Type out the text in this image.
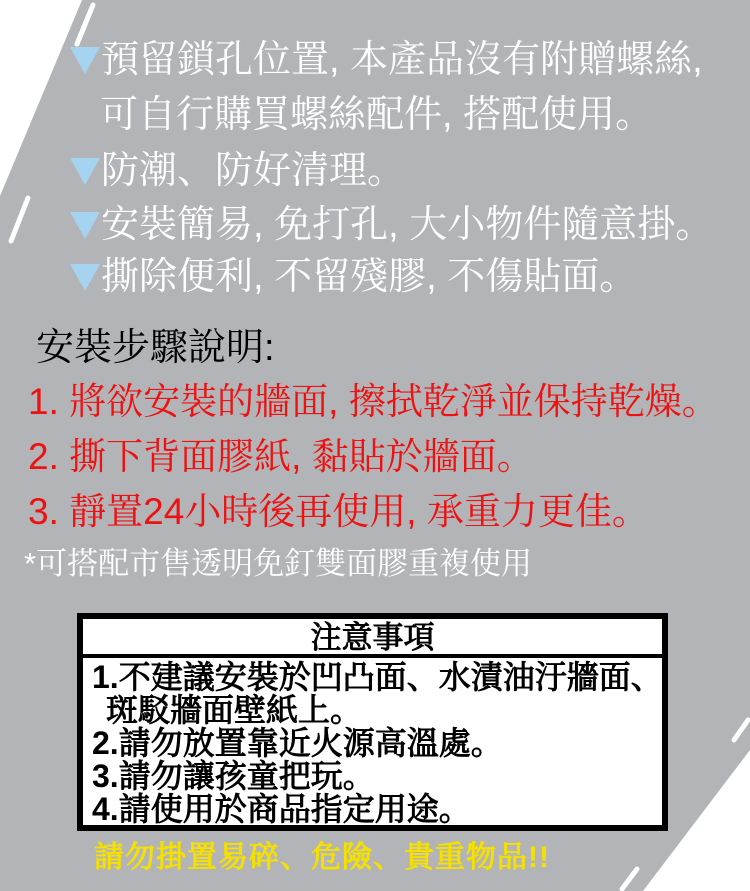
預留鎖孔位置, 本產品沒有附贈螺絲,
可自行購買螺絲配件, 搭配使用。
防潮、防好清理。
安裝簡易, 免打孔, 大小物件隨意掛。
撕除便利, 不留殘膠, 不傷貼面。
安裝步驟說明:
1. 將欲安裝的牆面, 擦拭乾淨並保持乾燥。
2. 撕下背面膠紙, 黏貼於牆面。
3. 靜置24小時後再使用, 承重力更佳。
*可搭配市售透明免釘雙面膠重複使用
注意事項
1.不建議安裝於凹凸面、水漬油汙牆面、
斑駁牆面壁紙上。
2.請勿放置靠近火源高溫處。
3.請勿讓孩童把玩。
4.請使用於商品指定用途。
請勿掛置易碎、危險、貴重物品!!
